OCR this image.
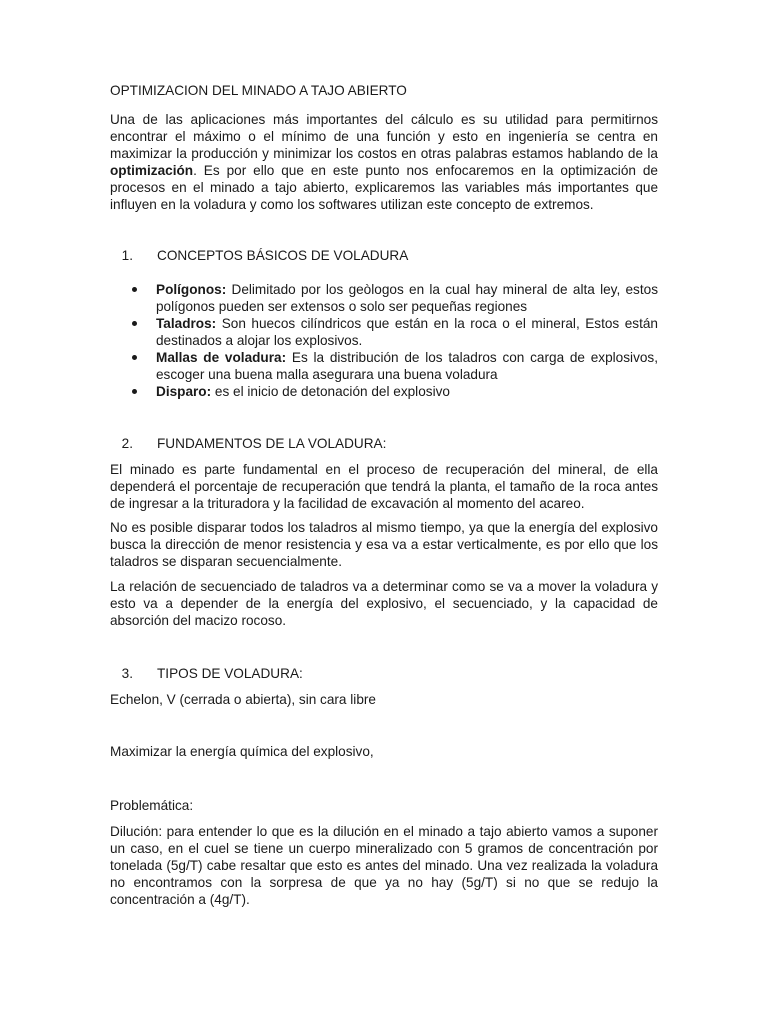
OPTIMIZACION DEL MINADO A TAJO ABIERTO
Una de las aplicaciones más importantes del cálculo es su utilidad para permitirnos encontrar el máximo o el mínimo de una función y esto en ingeniería se centra en maximizar la producción y minimizar los costos en otras palabras estamos hablando de la optimización. Es por ello que en este punto nos enfocaremos en la optimización de procesos en el minado a tajo abierto, explicaremos las variables más importantes que influyen en la voladura y como los softwares utilizan este concepto de extremos.
1. CONCEPTOS BÁSICOS DE VOLADURA
Polígonos: Delimitado por los geòlogos en la cual hay mineral de alta ley, estos polígonos pueden ser extensos o solo ser pequeñas regiones
Taladros: Son huecos cilíndricos que están en la roca o el mineral, Estos están destinados a alojar los explosivos.
Mallas de voladura: Es la distribución de los taladros con carga de explosivos, escoger una buena malla asegurara una buena voladura
Disparo: es el inicio de detonación del explosivo
2. FUNDAMENTOS DE LA VOLADURA:
El minado es parte fundamental en el proceso de recuperación del mineral, de ella dependerá el porcentaje de recuperación que tendrá la planta, el tamaño de la roca antes de ingresar a la trituradora y la facilidad de excavación al momento del acareo.
No es posible disparar todos los taladros al mismo tiempo, ya que la energía del explosivo busca la dirección de menor resistencia y esa va a estar verticalmente, es por ello que los taladros se disparan secuencialmente.
La relación de secuenciado de taladros va a determinar como se va a mover la voladura y esto va a depender de la energía del explosivo, el secuenciado, y la capacidad de absorción del macizo rocoso.
3. TIPOS DE VOLADURA:
Echelon, V (cerrada o abierta), sin cara libre
Maximizar la energía química del explosivo,
Problemática:
Dilución: para entender lo que es la dilución en el minado a tajo abierto vamos a suponer un caso, en el cuel se tiene un cuerpo mineralizado con 5 gramos de concentración por tonelada (5g/T) cabe resaltar que esto es antes del minado. Una vez realizada la voladura no encontramos con la sorpresa de que ya no hay (5g/T) si no que se redujo la concentración a (4g/T).
